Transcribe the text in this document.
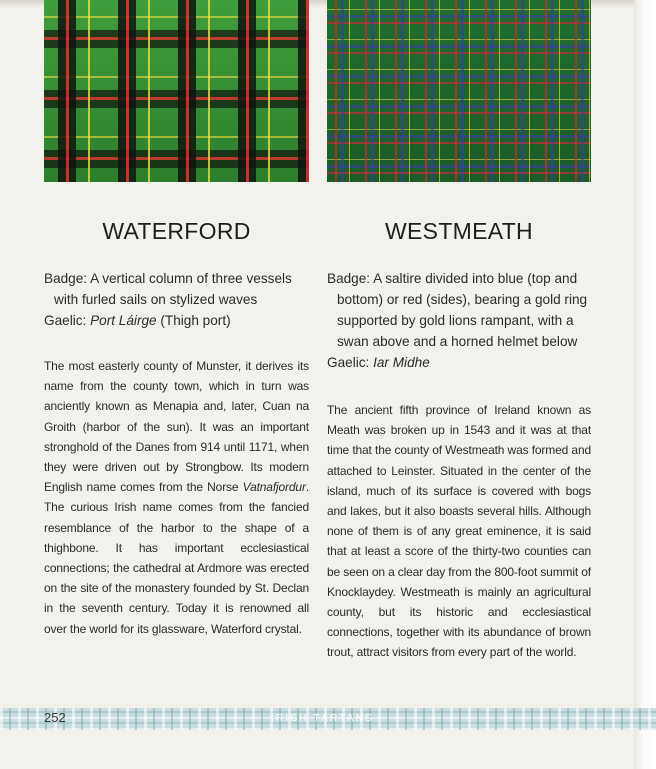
WATERFORD	WESTMEATH
Badge: A vertical column of three vessels
with furled sails on stylized waves
Gaelic: Port Láirge (Thigh port)
Badge: A saltire divided into blue (top and
bottom) or red (sides), bearing a gold ring
supported by gold lions rampant, with a
swan above and a horned helmet below
Gaelic: Iar Midhe

The most easterly county of Munster, it derives its name from the county town, which in turn was anciently known as Menapia and, later, Cuan na Groith (harbor of the sun). It was an important stronghold of the Danes from 914 until 1171, when they were driven out by Strongbow. Its modern English name comes from the Norse Vatnafjordur. The curious Irish name comes from the fancied resemblance of the harbor to the shape of a thighbone. It has important ecclesiastical connections; the cathedral at Ardmore was erected on the site of the monastery founded by St. Declan in the seventh century. Today it is renowned all over the world for its glassware, Waterford crystal.

The ancient fifth province of Ireland known as Meath was broken up in 1543 and it was at that time that the county of Westmeath was formed and attached to Leinster. Situated in the center of the island, much of its surface is covered with bogs and lakes, but it also boasts several hills. Although none of them is of any great eminence, it is said that at least a score of the thirty-two counties can be seen on a clear day from the 800-foot summit of Knocklaydey. Westmeath is mainly an agricultural county, but its historic and ecclesiastical connections, together with its abundance of brown trout, attract visitors from every part of the world.

252	IRISH TARTANS
